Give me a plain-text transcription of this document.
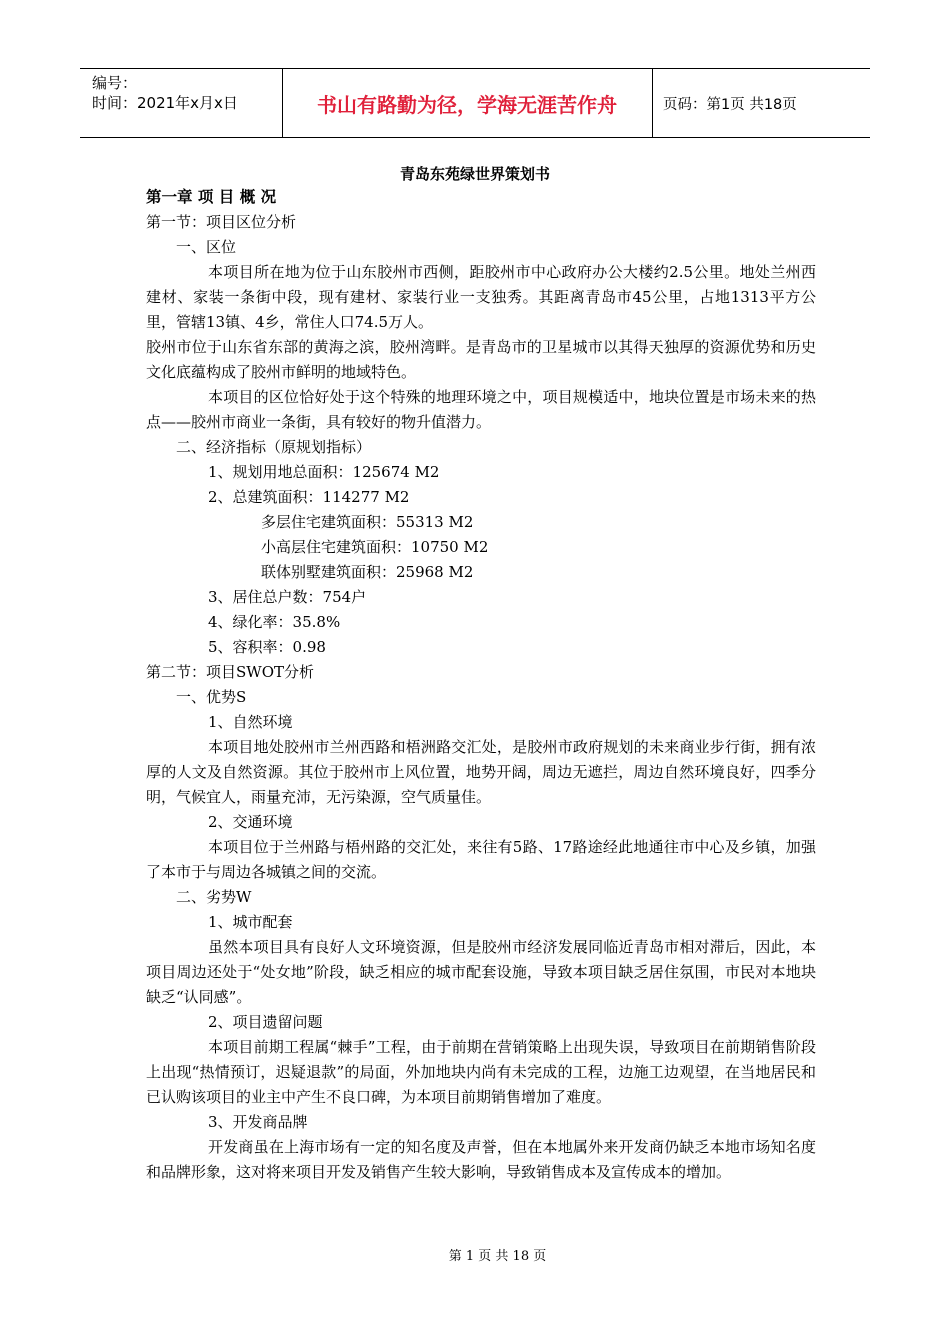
编号：
时间：2021年x月x日	书山有路勤为径，学海无涯苦作舟	页码：第1页 共18页
青岛东苑绿世界策划书

第一章 项 目 概 况

第一节：项目区位分析

一、区位

本项目所在地为位于山东胶州市西侧，距胶州市中心政府办公大楼约2.5公里。地处兰州西建材、家装一条街中段，现有建材、家装行业一支独秀。其距离青岛市45公里，占地1313平方公里，管辖13镇、4乡，常住人口74.5万人。

胶州市位于山东省东部的黄海之滨，胶州湾畔。是青岛市的卫星城市以其得天独厚的资源优势和历史文化底蕴构成了胶州市鲜明的地域特色。

本项目的区位恰好处于这个特殊的地理环境之中，项目规模适中，地块位置是市场未来的热点——胶州市商业一条街，具有较好的物升值潜力。

二、经济指标（原规划指标）

1、规划用地总面积：125674 M2

2、总建筑面积：114277 M2

多层住宅建筑面积：55313 M2

小高层住宅建筑面积：10750 M2

联体别墅建筑面积：25968 M2

3、居住总户数：754户

4、绿化率：35.8%

5、容积率：0.98

第二节：项目SWOT分析

一、优势S

1、自然环境

本项目地处胶州市兰州西路和梧洲路交汇处，是胶州市政府规划的未来商业步行街，拥有浓厚的人文及自然资源。其位于胶州市上风位置，地势开阔，周边无遮拦，周边自然环境良好，四季分明，气候宜人，雨量充沛，无污染源，空气质量佳。

2、交通环境

本项目位于兰州路与梧州路的交汇处，来往有5路、17路途经此地通往市中心及乡镇，加强了本市于与周边各城镇之间的交流。

二、劣势W

1、城市配套

虽然本项目具有良好人文环境资源，但是胶州市经济发展同临近青岛市相对滞后，因此，本项目周边还处于“处女地”阶段，缺乏相应的城市配套设施，导致本项目缺乏居住氛围，市民对本地块缺乏“认同感”。

2、项目遗留问题

本项目前期工程属“棘手”工程，由于前期在营销策略上出现失误，导致项目在前期销售阶段上出现“热情预订，迟疑退款”的局面，外加地块内尚有未完成的工程，边施工边观望，在当地居民和已认购该项目的业主中产生不良口碑，为本项目前期销售增加了难度。

3、开发商品牌

开发商虽在上海市场有一定的知名度及声誉，但在本地属外来开发商仍缺乏本地市场知名度和品牌形象，这对将来项目开发及销售产生较大影响，导致销售成本及宣传成本的增加。

第 1 页 共 18 页
